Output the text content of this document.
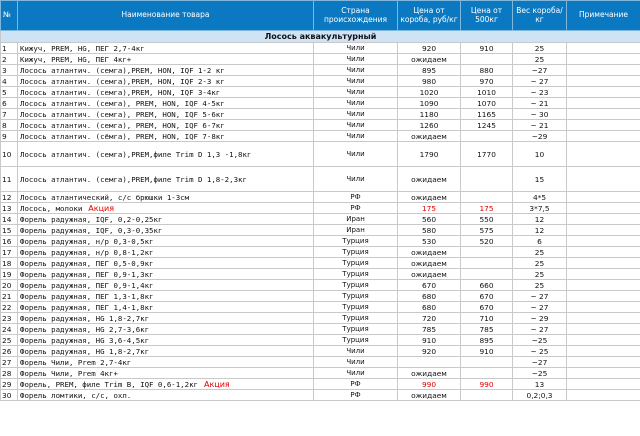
№	Наименование товара	Страна происхождения	Цена от короба, руб/кг	Цена от 500кг	Вес короба/кг	Примечание
Лосось аквакультурный						
1	Кижуч, PREM, HG, ПЕГ 2,7-4кг	Чили	920	910	25	
2	Кижуч, PREM, HG, ПЕГ 4кг+	Чили	ожидаем		25	
3	Лосось атлантич. (семга),PREM, HON, IQF 1-2 кг	Чили	895	880	~27	
4	Лосось атлантич. (семга),PREM, HON, IQF 2-3 кг	Чили	980	970	~ 27	
5	Лосось атлантич. (семга),PREM, HON, IQF 3-4кг	Чили	1020	1010	~ 23	
6	Лосось атлантич. (семга), PREM, HON, IQF 4-5кг	Чили	1090	1070	~ 21	
7	Лосось атлантич. (семга), PREM, HON, IQF 5-6кг	Чили	1180	1165	~ 30	
8	Лосось атлантич. (семга), PREM, HON, IQF 6-7кг	Чили	1260	1245	~ 21	
9	Лосось атлантич. (сёмга), PREM, HON, IQF 7-8кг	Чили	ожидаем		~29	
10	Лосось атлантич. (семга),PREM,филе Trim D 1,3 -1,8кг	Чили	1790	1770	10	
11	Лосось атлантич. (семга),PREM,филе Trim D 1,8-2,3кг	Чили	ожидаем		15	
12	Лосось атлантический, с/с брюшки 1-3см	РФ	ожидаем		4*5	
13	Лосось, молоки Акция	РФ	175	175	3*7,5	
14	Форель радужная, IQF, 0,2-0,25кг	Иран	560	550	12	
15	Форель радужная, IQF, 0,3-0,35кг	Иран	580	575	12	
16	Форель радужная, н/р 0,3-0,5кг	Турция	530	520	6	
17	Форель радужная, н/р 0,8-1,2кг	Турция	ожидаем		25	
18	Форель радужная, ПЕГ 0,5-0,9кг	Турция	ожидаем		25	
19	Форель радужная, ПЕГ 0,9-1,3кг	Турция	ожидаем		25	
20	Форель радужная, ПЕГ 0,9-1,4кг	Турция	670	660	25	
21	Форель радужная, ПЕГ 1,3-1,8кг	Турция	680	670	~ 27	
22	Форель радужная, ПЕГ 1,4-1,8кг	Турция	680	670	~ 27	
23	Форель радужная, HG 1,8-2,7кг	Турция	720	710	~ 29	
24	Форель радужная, HG 2,7-3,6кг	Турция	785	785	~ 27	
25	Форель радужная, HG 3,6-4,5кг	Турция	910	895	~25	
26	Форель радужная, HG 1,8-2,7кг	Чили	920	910	~ 25	
27	Форель Чили, Prem 2,7-4кг	Чили			~27	
28	Форель Чили, Prem 4кг+	Чили	ожидаем		~25	
29	Форель, PREM, филе Trim B, IQF 0,6-1,2кг Акция	РФ	990	990	13	
30	Форель ломтики, с/с, охл.	РФ	ожидаем		0,2;0,3	
